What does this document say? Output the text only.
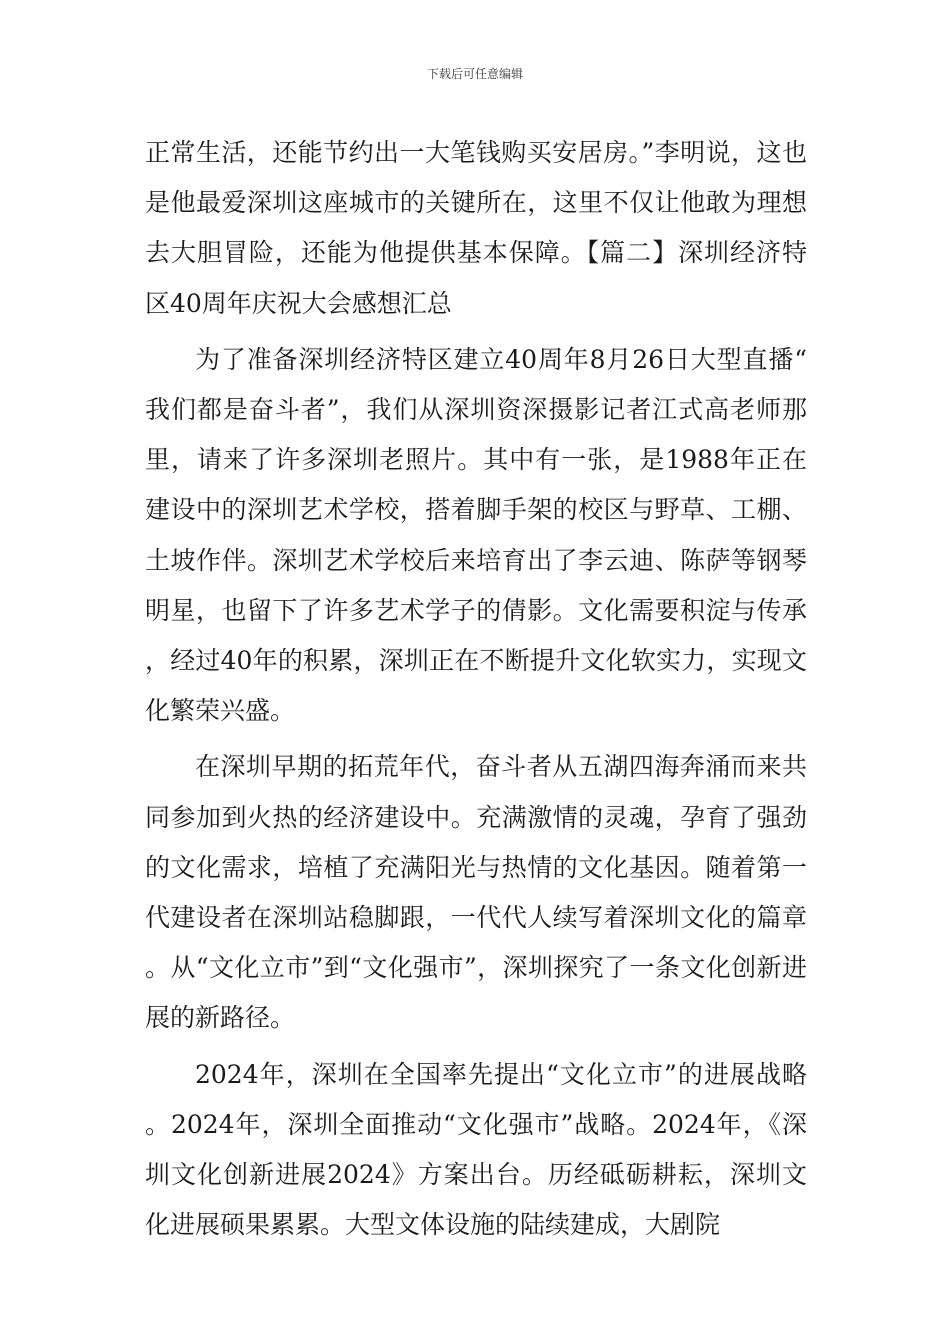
下载后可任意编辑

正常生活，还能节约出一大笔钱购买安居房。”李明说，这也是他最爱深圳这座城市的关键所在，这里不仅让他敢为理想去大胆冒险，还能为他提供基本保障。【篇二】深圳经济特区40周年庆祝大会感想汇总

为了准备深圳经济特区建立40周年8月26日大型直播“我们都是奋斗者”，我们从深圳资深摄影记者江式高老师那里，请来了许多深圳老照片。其中有一张，是1988年正在建设中的深圳艺术学校，搭着脚手架的校区与野草、工棚、土坡作伴。深圳艺术学校后来培育出了李云迪、陈萨等钢琴明星，也留下了许多艺术学子的倩影。文化需要积淀与传承，经过40年的积累，深圳正在不断提升文化软实力，实现文化繁荣兴盛。

在深圳早期的拓荒年代，奋斗者从五湖四海奔涌而来共同参加到火热的经济建设中。充满激情的灵魂，孕育了强劲的文化需求，培植了充满阳光与热情的文化基因。随着第一代建设者在深圳站稳脚跟，一代代人续写着深圳文化的篇章。从“文化立市”到“文化强市”，深圳探究了一条文化创新进展的新路径。

2024年，深圳在全国率先提出“文化立市”的进展战略。2024年，深圳全面推动“文化强市”战略。2024年，《深圳文化创新进展2024》方案出台。历经砥砺耕耘，深圳文化进展硕果累累。大型文体设施的陆续建成，大剧院
